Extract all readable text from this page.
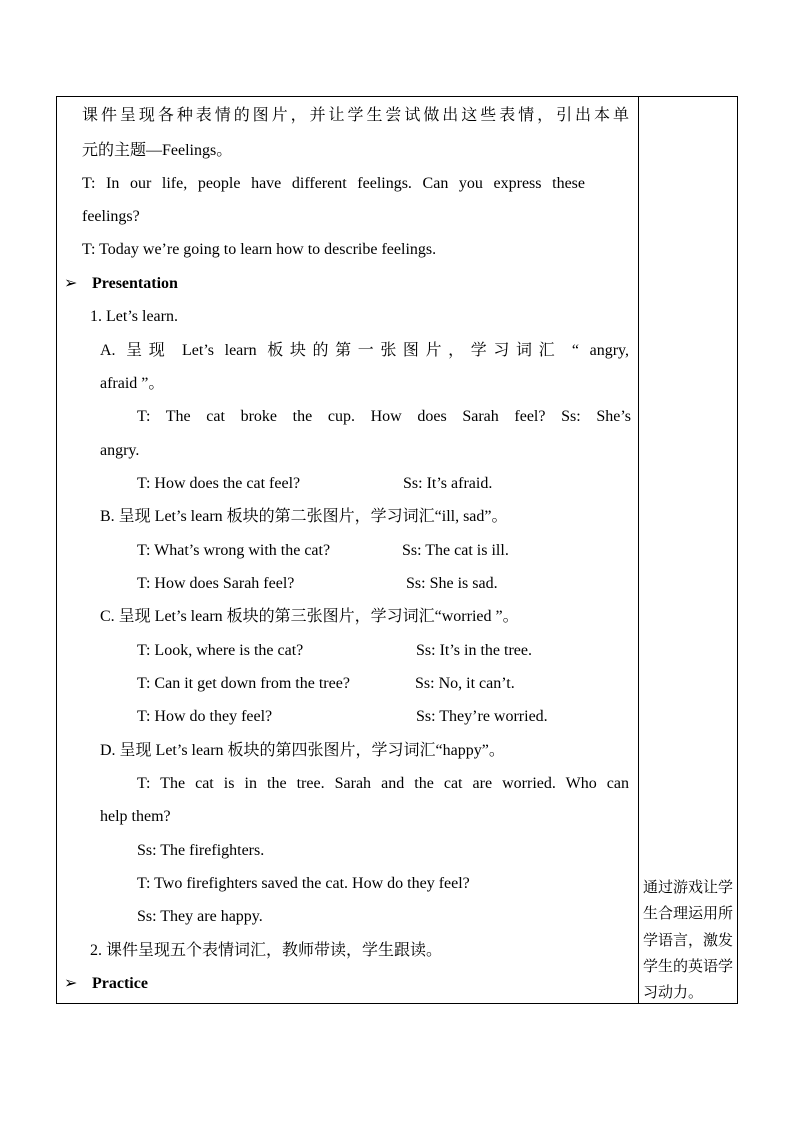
课件呈现各种表情的图片，并让学生尝试做出这些表情，引出本单
元的主题—Feelings。
T: In our life, people have different feelings. Can you express these
feelings?
T: Today we’re going to learn how to describe feelings.
➢ Presentation
1. Let’s learn.
A. 呈现 Let’s learn 板块的第一张图片，学习词汇 “ angry,
afraid ”。
T: The cat broke the cup. How does Sarah feel? Ss: She’s
angry.
T: How does the cat feel?	Ss: It’s afraid.
B. 呈现 Let’s learn 板块的第二张图片，学习词汇“ill, sad”。
T: What’s wrong with the cat?	Ss: The cat is ill.
T: How does Sarah feel?	Ss: She is sad.
C. 呈现 Let’s learn 板块的第三张图片，学习词汇“worried ”。
T: Look, where is the cat?	Ss: It’s in the tree.
T: Can it get down from the tree?	Ss: No, it can’t.
T: How do they feel?	Ss: They’re worried.
D. 呈现 Let’s learn 板块的第四张图片，学习词汇“happy”。
T: The cat is in the tree. Sarah and the cat are worried. Who can
help them?
Ss: The firefighters.
T: Two firefighters saved the cat. How do they feel?
Ss: They are happy.
2. 课件呈现五个表情词汇，教师带读，学生跟读。
➢ Practice
通过游戏让学
生合理运用所
学语言，激发
学生的英语学
习动力。
